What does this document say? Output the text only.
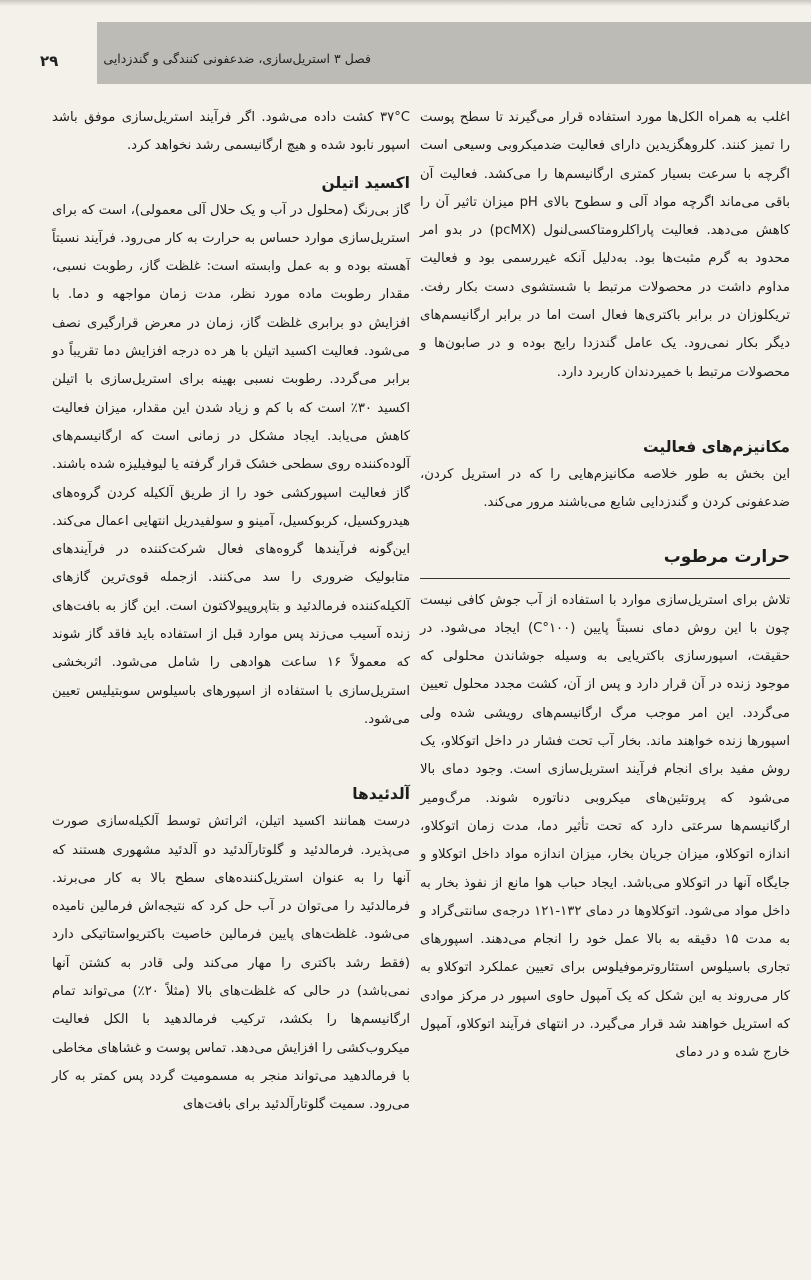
۲۹	فصل ۳ استریل‌سازی، ضدعفونی کنندگی و گندزدایی

اغلب به همراه الکل‌ها مورد استفاده قرار می‌گیرند تا سطح پوست را تمیز کنند. کلروهگزیدین دارای فعالیت ضدمیکروبی وسیعی است اگرچه با سرعت بسیار کمتری ارگانیسم‌ها را می‌کشد. فعالیت آن باقی می‌ماند اگرچه مواد آلی و سطوح بالای pH میزان تاثیر آن را کاهش می‌دهد. فعالیت پاراکلرومتاکسی‌لنول (pcMX) در بدو امر محدود به گرم مثبت‌ها بود. به‌دلیل آنکه غیررسمی بود و فعالیت مداوم داشت در محصولات مرتبط با شستشوی دست بکار رفت. تریکلوزان در برابر باکتری‌ها فعال است اما در برابر ارگانیسم‌های دیگر بکار نمی‌رود. یک عامل گندزدا رایج بوده و در صابون‌ها و محصولات مرتبط با خمیردندان کاربرد دارد.

مکانیزم‌های فعالیت

این بخش به طور خلاصه مکانیزم‌هایی را که در استریل کردن، ضدعفونی کردن و گندزدایی شایع می‌باشند مرور می‌کند.

حرارت مرطوب

تلاش برای استریل‌سازی موارد با استفاده از آب جوش کافی نیست چون با این روش دمای نسبتاً پایین (۱۰۰°C) ایجاد می‌شود. در حقیقت، اسپورسازی باکتریایی به وسیله جوشاندن محلولی که موجود زنده در آن قرار دارد و پس از آن، کشت مجدد محلول تعیین می‌گردد. این امر موجب مرگ ارگانیسم‌های رویشی شده ولی اسپورها زنده خواهند ماند. بخار آب تحت فشار در داخل اتوکلاو، یک روش مفید برای انجام فرآیند استریل‌سازی است. وجود دمای بالا می‌شود که پروتئین‌های میکروبی دناتوره شوند. مرگ‌ومیر ارگانیسم‌ها سرعتی دارد که تحت تأثیر دما، مدت زمان اتوکلاو، اندازه اتوکلاو، میزان جریان بخار، میزان اندازه مواد داخل اتوکلاو و جایگاه آنها در اتوکلاو می‌باشد. ایجاد حباب هوا مانع از نفوذ بخار به داخل مواد می‌شود. اتوکلاوها در دمای ۱۳۲-۱۲۱ درجه‌ی سانتی‌گراد و به مدت ۱۵ دقیقه به بالا عمل خود را انجام می‌دهند. اسپورهای تجاری باسیلوس استئاروترموفیلوس برای تعیین عملکرد اتوکلاو به کار می‌روند به این شکل که یک آمپول حاوی اسپور در مرکز موادی که استریل خواهند شد قرار می‌گیرد. در انتهای فرآیند اتوکلاو، آمپول خارج شده و در دمای

۳۷°C کشت داده می‌شود. اگر فرآیند استریل‌سازی موفق باشد اسپور نابود شده و هیچ ارگانیسمی رشد نخواهد کرد.

اکسید اتیلن

گاز بی‌رنگ (محلول در آب و یک حلال آلی معمولی)، است که برای استریل‌سازی موارد حساس به حرارت به کار می‌رود. فرآیند نسبتاً آهسته بوده و به عمل وابسته است: غلظت گاز، رطوبت نسبی، مقدار رطوبت ماده مورد نظر، مدت زمان مواجهه و دما. با افزایش دو برابری غلظت گاز، زمان در معرض قرارگیری نصف می‌شود. فعالیت اکسید اتیلن با هر ده درجه افزایش دما تقریباً دو برابر می‌گردد. رطوبت نسبی بهینه برای استریل‌سازی با اتیلن اکسید ۳۰٪ است که با کم و زیاد شدن این مقدار، میزان فعالیت کاهش می‌یابد. ایجاد مشکل در زمانی است که ارگانیسم‌های آلوده‌کننده روی سطحی خشک قرار گرفته یا لیوفیلیزه شده باشند. گاز فعالیت اسپورکشی خود را از طریق آلکیله کردن گروه‌های هیدروکسیل، کربوکسیل، آمینو و سولفیدریل انتهایی اعمال می‌کند. این‌گونه فرآیندها گروه‌های فعال شرکت‌کننده در فرآیندهای متابولیک ضروری را سد می‌کنند. ازجمله قوی‌ترین گازهای آلکیله‌کننده فرمالدئید و بتاپروپیولاکتون است. این گاز به بافت‌های زنده آسیب می‌زند پس موارد قبل از استفاده باید فاقد گاز شوند که معمولاً ۱۶ ساعت هوادهی را شامل می‌شود. اثربخشی استریل‌سازی با استفاده از اسپورهای باسیلوس سوبتیلیس تعیین می‌شود.

آلدئیدها

درست همانند اکسید اتیلن، اثراتش توسط آلکیله‌سازی صورت می‌پذیرد. فرمالدئید و گلوتارآلدئید دو آلدئید مشهوری هستند که آنها را به عنوان استریل‌کننده‌های سطح بالا به کار می‌برند. فرمالدئید را می‌توان در آب حل کرد که نتیجه‌اش فرمالین نامیده می‌شود. غلظت‌های پایین فرمالین خاصیت باکتریواستاتیکی دارد (فقط رشد باکتری را مهار می‌کند ولی قادر به کشتن آنها نمی‌باشد) در حالی که غلظت‌های بالا (مثلاً ۲۰٪) می‌تواند تمام ارگانیسم‌ها را بکشد، ترکیب فرمالدهید با الکل فعالیت میکروب‌کشی را افزایش می‌دهد. تماس پوست و غشاهای مخاطی با فرمالدهید می‌تواند منجر به مسمومیت گردد پس کمتر به کار می‌رود. سمیت گلوتارآلدئید برای بافت‌های
